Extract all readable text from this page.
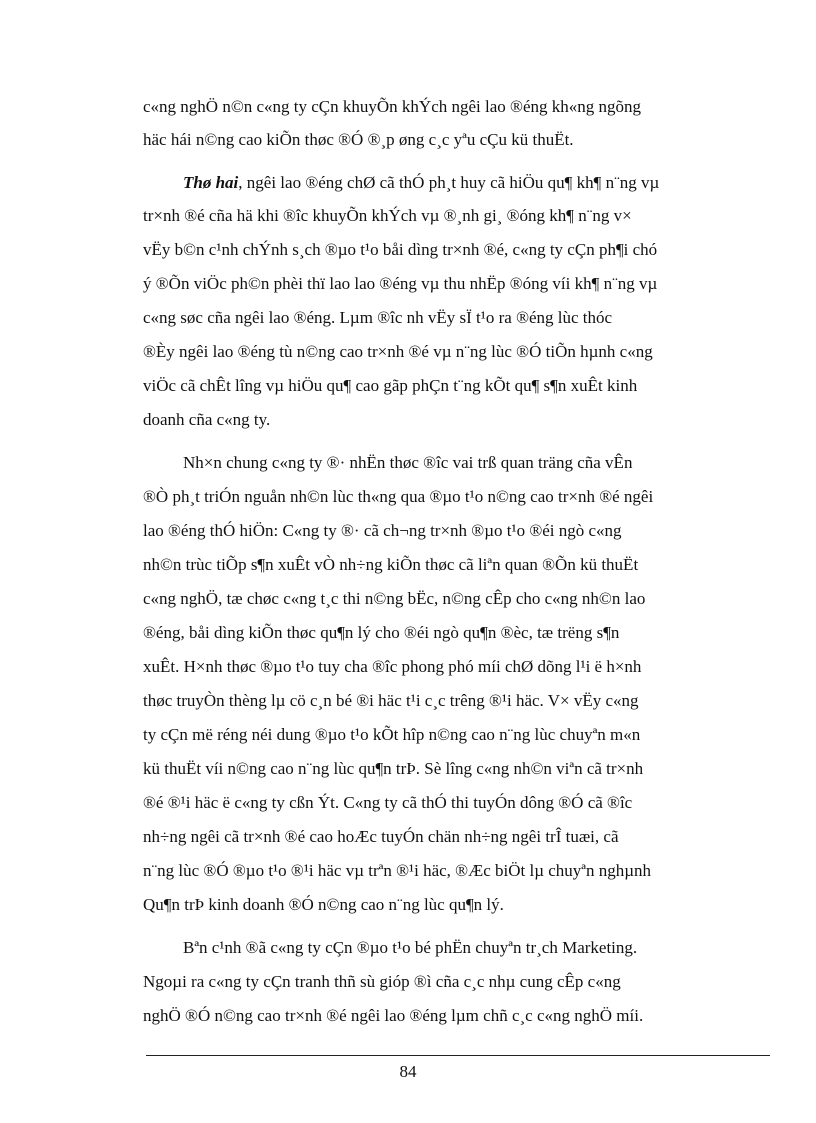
c«ng nghÖ n©n c«ng ty cÇn khuyÕn khÝch ngêi lao ®éng kh«ng ngõng
häc hái n©ng cao kiÕn thøc ®Ó ®¸p øng c¸c yªu cÇu kü thuËt.
Thø hai, ngêi lao ®éng chØ cã thÓ ph¸t huy cã hiÖu qu¶ kh¶ n¨ng vµ
tr×nh ®é cña hä khi ®îc khuyÕn khÝch vµ ®¸nh gi¸ ®óng kh¶ n¨ng v×
vËy b©n c¹nh chÝnh s¸ch ®µo t¹o båi dìng tr×nh ®é, c«ng ty cÇn ph¶i chó
ý ®Õn viÖc ph©n phèi thï lao lao ®éng vµ thu nhËp ®óng víi kh¶ n¨ng vµ
c«ng søc cña ngêi lao ®éng. Lµm ®îc nh vËy sÏ t¹o ra ®éng lùc thóc
®Èy ngêi lao ®éng tù n©ng cao tr×nh ®é vµ n¨ng lùc ®Ó tiÕn hµnh c«ng
viÖc cã chÊt lîng vµ hiÖu qu¶ cao gãp phÇn t¨ng kÕt qu¶ s¶n xuÊt kinh
doanh cña c«ng ty.
Nh×n chung c«ng ty ®· nhËn thøc ®îc vai trß quan träng cña vÊn
®Ò ph¸t triÓn nguån nh©n lùc th«ng qua ®µo t¹o n©ng cao tr×nh ®é ngêi
lao ®éng thÓ hiÖn: C«ng ty ®· cã ch¬ng tr×nh ®µo t¹o ®éi ngò c«ng
nh©n trùc tiÕp s¶n xuÊt vÒ nh÷ng kiÕn thøc cã liªn quan ®Õn kü thuËt
c«ng nghÖ, tæ chøc c«ng t¸c thi n©ng bËc, n©ng cÊp cho c«ng nh©n lao
®éng, båi dìng kiÕn thøc qu¶n lý cho ®éi ngò qu¶n ®èc, tæ trëng s¶n
xuÊt. H×nh thøc ®µo t¹o tuy cha ®îc phong phó míi chØ dõng l¹i ë h×nh
thøc truyÒn thèng lµ cö c¸n bé ®i häc t¹i c¸c trêng ®¹i häc. V× vËy c«ng
ty cÇn më réng néi dung ®µo t¹o kÕt hîp n©ng cao n¨ng lùc chuyªn m«n
kü thuËt víi n©ng cao n¨ng lùc qu¶n trÞ. Sè lîng c«ng nh©n viªn cã tr×nh
®é ®¹i häc ë c«ng ty cßn Ýt. C«ng ty cã thÓ thi tuyÓn dông ®Ó cã ®îc
nh÷ng ngêi cã tr×nh ®é cao hoÆc tuyÓn chän nh÷ng ngêi trÎ tuæi, cã
n¨ng lùc ®Ó ®µo t¹o ®¹i häc vµ trªn ®¹i häc, ®Æc biÖt lµ chuyªn nghµnh
Qu¶n trÞ kinh doanh ®Ó n©ng cao n¨ng lùc qu¶n lý.
Bªn c¹nh ®ã c«ng ty cÇn ®µo t¹o bé phËn chuyªn tr¸ch Marketing.
Ngoµi ra c«ng ty cÇn tranh thñ sù gióp ®ì cña c¸c nhµ cung cÊp c«ng
nghÖ ®Ó n©ng cao tr×nh ®é ngêi lao ®éng lµm chñ c¸c c«ng nghÖ míi.
84
